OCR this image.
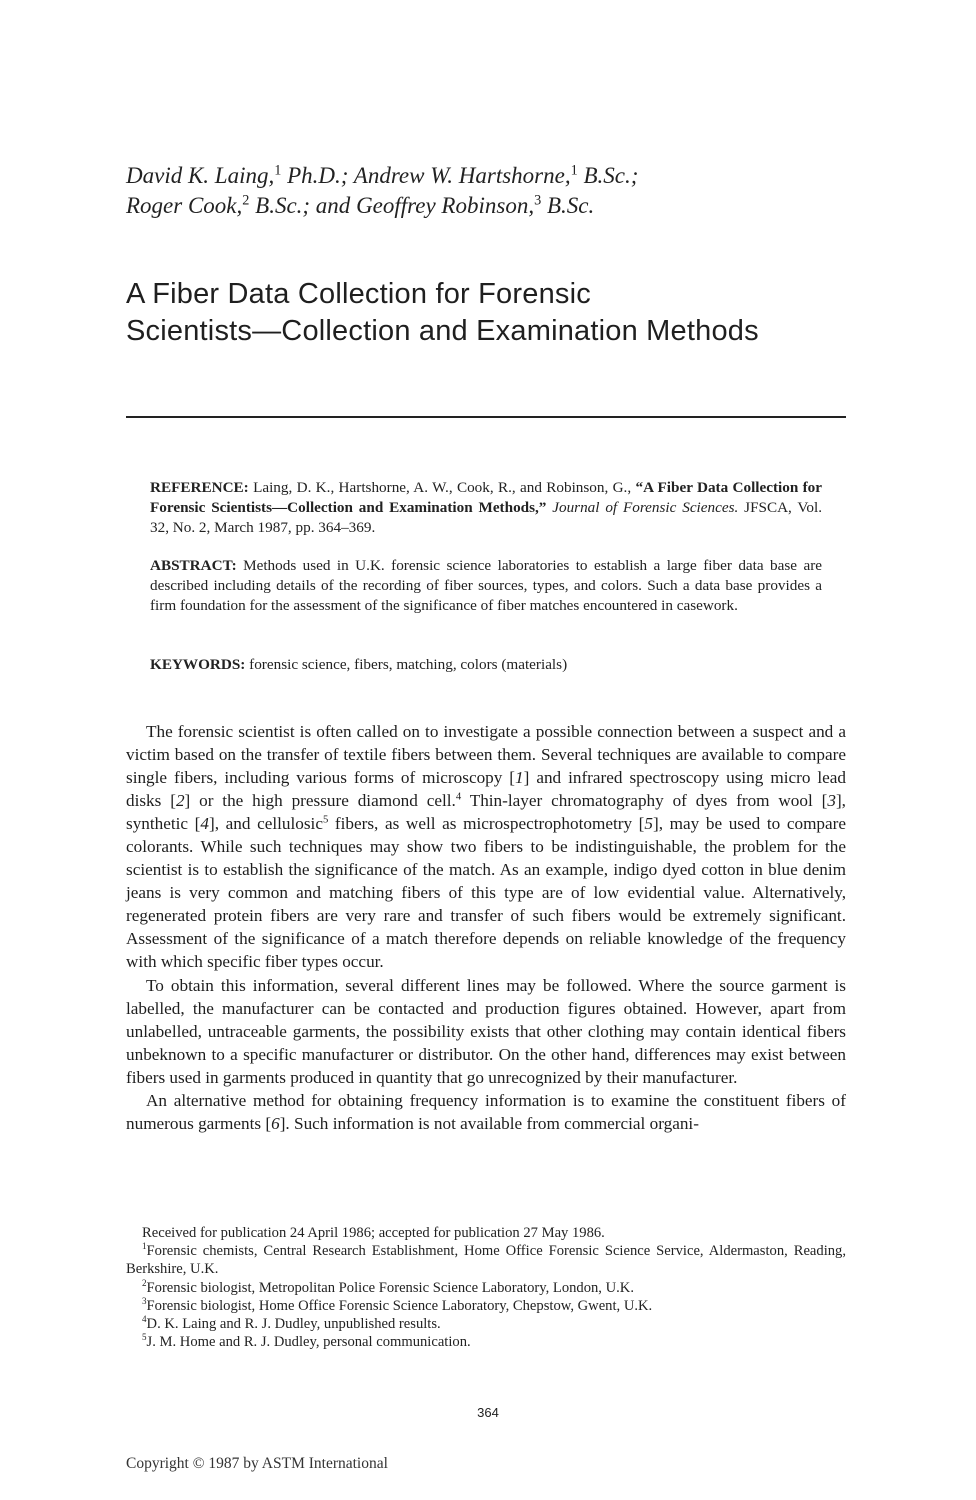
David K. Laing,$^1$ Ph.D.; Andrew W. Hartshorne,$^1$ B.Sc.;
Roger Cook,$^2$ B.Sc.; and Geoffrey Robinson,$^3$ B.Sc.
A Fiber Data Collection for Forensic
Scientists—Collection and Examination Methods
REFERENCE: Laing, D. K., Hartshorne, A. W., Cook, R., and Robinson, G., “A Fiber Data Collection for Forensic Scientists—Collection and Examination Methods,” Journal of Forensic Sciences. JFSCA, Vol. 32, No. 2, March 1987, pp. 364–369.
ABSTRACT: Methods used in U.K. forensic science laboratories to establish a large fiber data base are described including details of the recording of fiber sources, types, and colors. Such a data base provides a firm foundation for the assessment of the significance of fiber matches encountered in casework.
KEYWORDS: forensic science, fibers, matching, colors (materials)

The forensic scientist is often called on to investigate a possible connection between a suspect and a victim based on the transfer of textile fibers between them. Several techniques are available to compare single fibers, including various forms of microscopy [1] and infrared spectroscopy using micro lead disks [2] or the high pressure diamond cell.$^4$ Thin-layer chromatography of dyes from wool [3], synthetic [4], and cellulosic$^5$ fibers, as well as microspectrophotometry [5], may be used to compare colorants. While such techniques may show two fibers to be indistinguishable, the problem for the scientist is to establish the significance of the match. As an example, indigo dyed cotton in blue denim jeans is very common and matching fibers of this type are of low evidential value. Alternatively, regenerated protein fibers are very rare and transfer of such fibers would be extremely significant. Assessment of the significance of a match therefore depends on reliable knowledge of the frequency with which specific fiber types occur.

To obtain this information, several different lines may be followed. Where the source garment is labelled, the manufacturer can be contacted and production figures obtained. However, apart from unlabelled, untraceable garments, the possibility exists that other clothing may contain identical fibers unbeknown to a specific manufacturer or distributor. On the other hand, differences may exist between fibers used in garments produced in quantity that go unrecognized by their manufacturer.

An alternative method for obtaining frequency information is to examine the constituent fibers of numerous garments [6]. Such information is not available from commercial organi-

Received for publication 24 April 1986; accepted for publication 27 May 1986.

$^1$Forensic chemists, Central Research Establishment, Home Office Forensic Science Service, Aldermaston, Reading, Berkshire, U.K.

$^2$Forensic biologist, Metropolitan Police Forensic Science Laboratory, London, U.K.

$^3$Forensic biologist, Home Office Forensic Science Laboratory, Chepstow, Gwent, U.K.

$^4$D. K. Laing and R. J. Dudley, unpublished results.

$^5$J. M. Home and R. J. Dudley, personal communication.

364
Copyright © 1987 by ASTM International
